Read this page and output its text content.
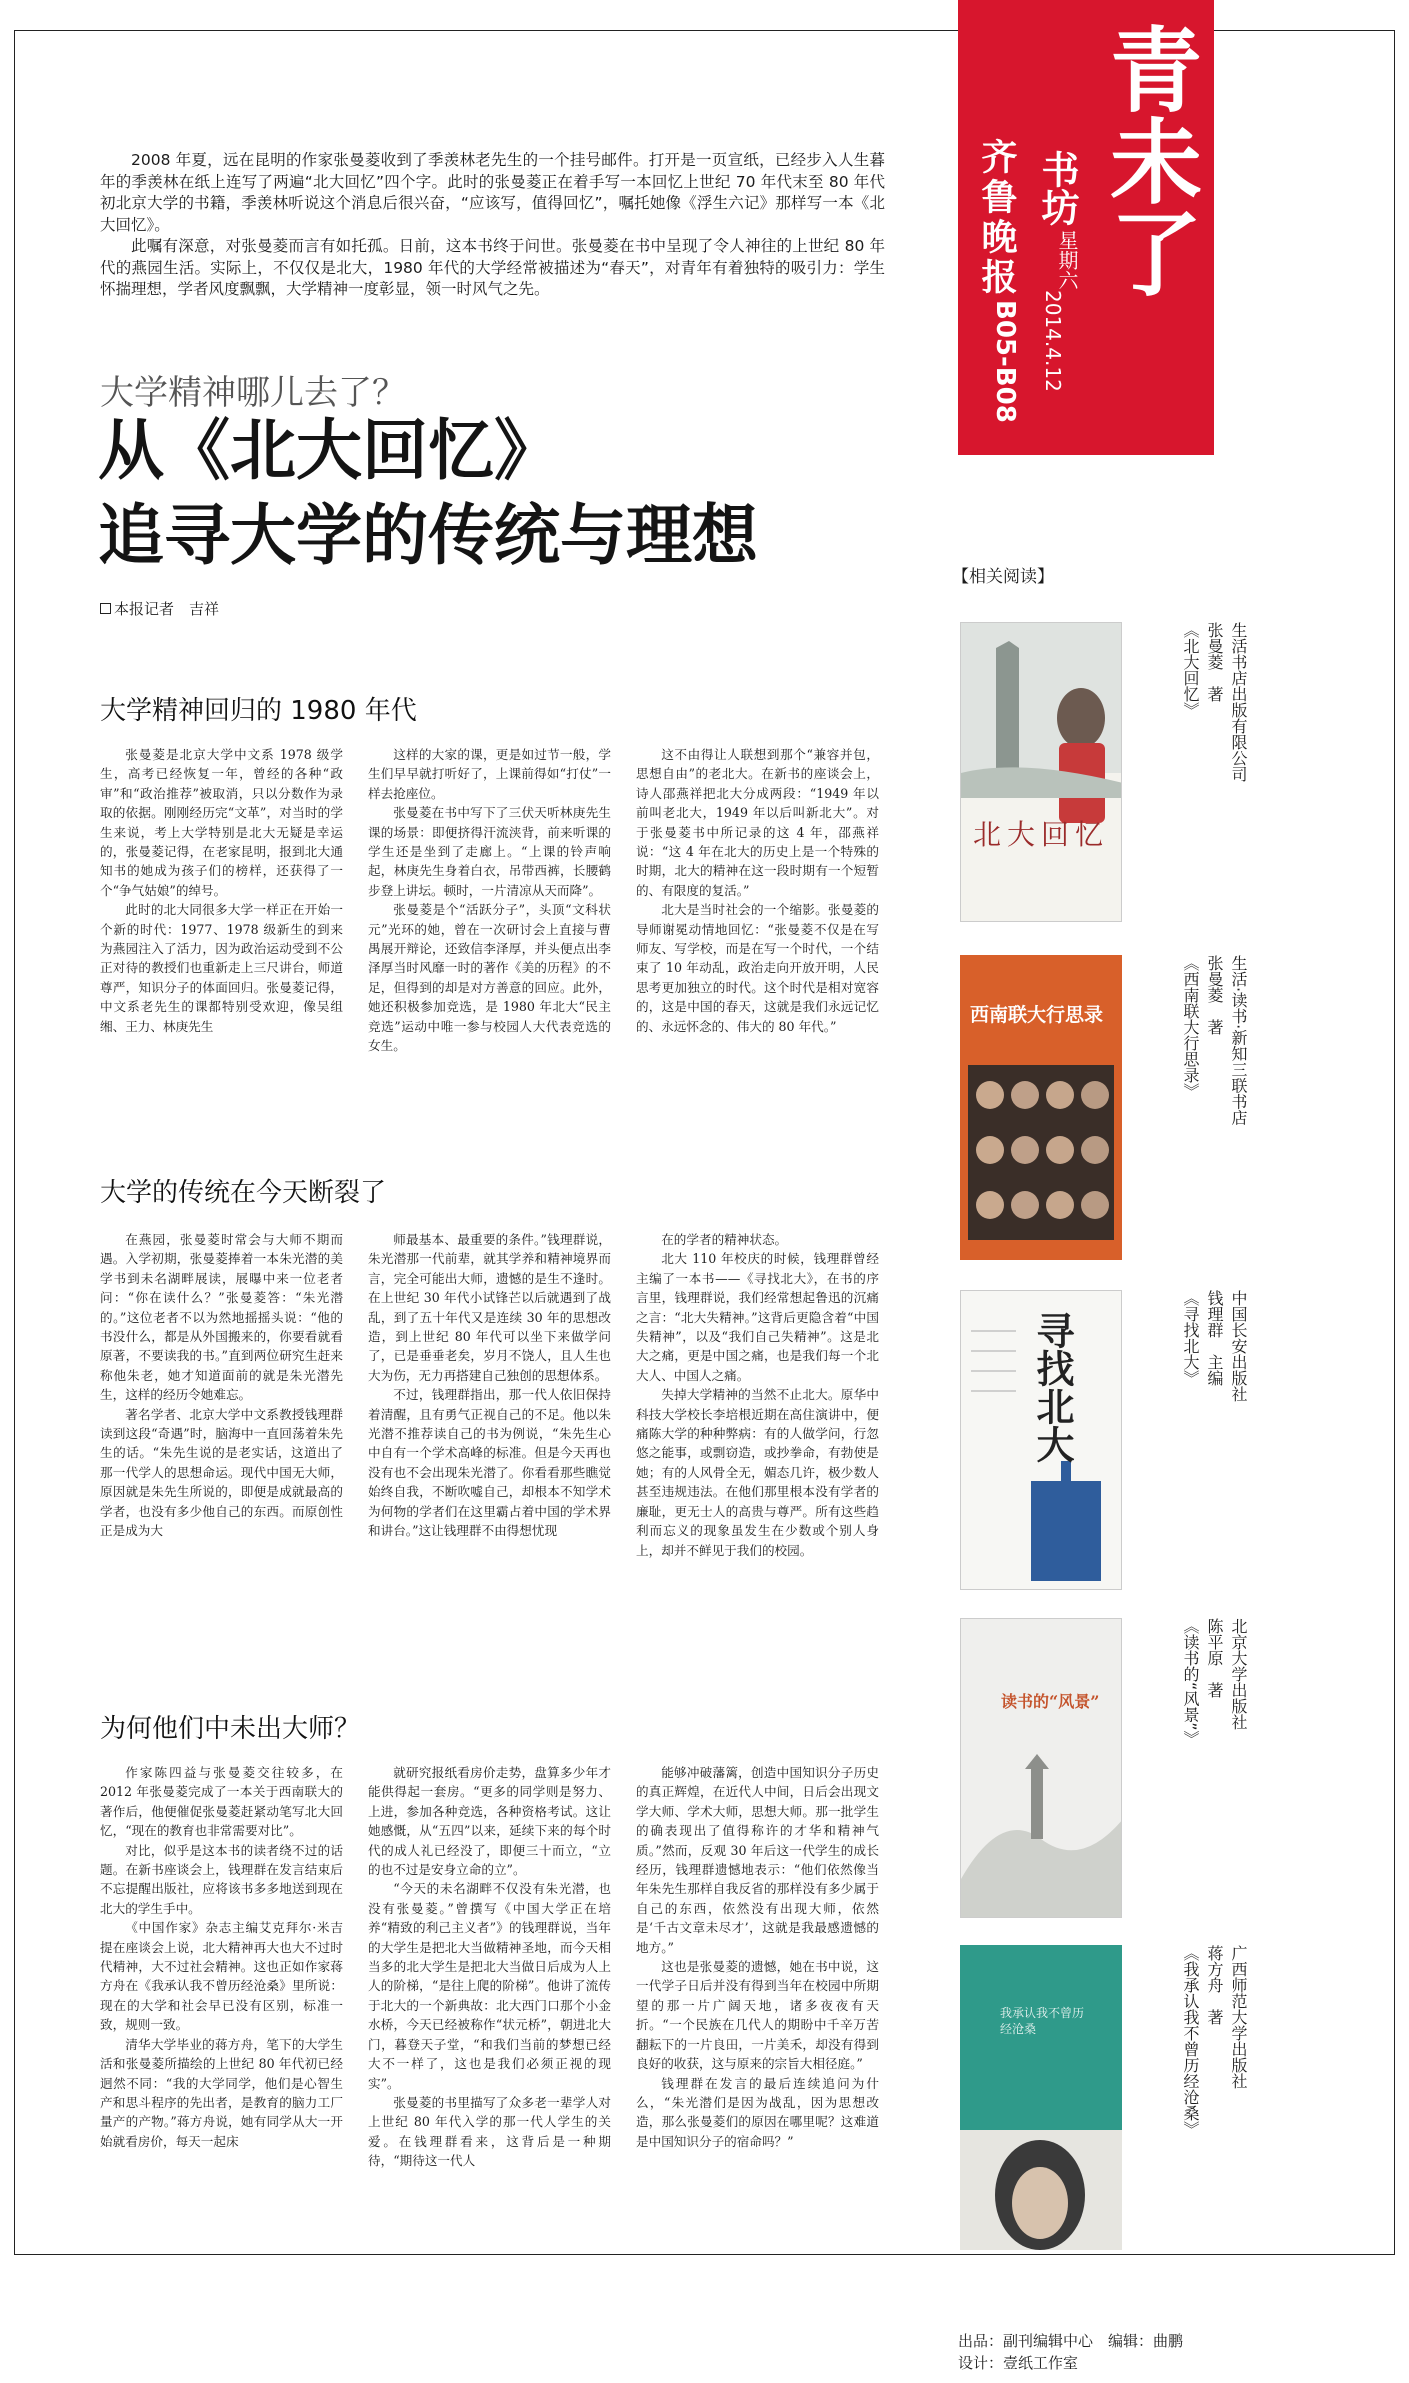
青未了
齐鲁晚报 书坊
星期六
2014.4.12
B05-B08

2008 年夏，远在昆明的作家张曼菱收到了季羡林老先生的一个挂号邮件。打开是一页宣纸，已经步入人生暮年的季羡林在纸上连写了两遍“北大回忆”四个字。此时的张曼菱正在着手写一本回忆上世纪 70 年代末至 80 年代初北京大学的书籍，季羡林听说这个消息后很兴奋，“应该写，值得回忆”，嘱托她像《浮生六记》那样写一本《北大回忆》。

此嘱有深意，对张曼菱而言有如托孤。日前，这本书终于问世。张曼菱在书中呈现了令人神往的上世纪 80 年代的燕园生活。实际上，不仅仅是北大，1980 年代的大学经常被描述为“春天”，对青年有着独特的吸引力：学生怀揣理想，学者风度飘飘，大学精神一度彰显，领一时风气之先。

大学精神哪儿去了？
从《北大回忆》
追寻大学的传统与理想
本报记者　吉祥
大学精神回归的 1980 年代

张曼菱是北京大学中文系 1978 级学生，高考已经恢复一年，曾经的各种“政审”和“政治推荐”被取消，只以分数作为录取的依据。刚刚经历完“文革”，对当时的学生来说，考上大学特别是北大无疑是幸运的，张曼菱记得，在老家昆明，报到北大通知书的她成为孩子们的榜样，还获得了一个“争气姑娘”的绰号。

此时的北大同很多大学一样正在开始一个新的时代：1977、1978 级新生的到来为燕园注入了活力，因为政治运动受到不公正对待的教授们也重新走上三尺讲台，师道尊严，知识分子的体面回归。张曼菱记得，中文系老先生的课都特别受欢迎，像吴组缃、王力、林庚先生

这样的大家的课，更是如过节一般，学生们早早就打听好了，上课前得如“打仗”一样去抢座位。

张曼菱在书中写下了三伏天听林庚先生课的场景：即便挤得汗流浃背，前来听课的学生还是坐到了走廊上。“上课的铃声响起，林庚先生身着白衣，吊带西裤，长腰鹤步登上讲坛。顿时，一片清凉从天而降”。

张曼菱是个“活跃分子”，头顶“文科状元”光环的她，曾在一次研讨会上直接与曹禺展开辩论，还致信李泽厚，并头便点出李泽厚当时风靡一时的著作《美的历程》的不足，但得到的却是对方善意的回应。此外，她还积极参加竞选，是 1980 年北大“民主竞选”运动中唯一参与校园人大代表竞选的女生。

这不由得让人联想到那个“兼容并包，思想自由”的老北大。在新书的座谈会上，诗人邵燕祥把北大分成两段：“1949 年以前叫老北大，1949 年以后叫新北大”。对于张曼菱书中所记录的这 4 年，邵燕祥说：“这 4 年在北大的历史上是一个特殊的时期，北大的精神在这一段时期有一个短暂的、有限度的复活。”

北大是当时社会的一个缩影。张曼菱的导师谢冕动情地回忆：“张曼菱不仅是在写师友、写学校，而是在写一个时代，一个结束了 10 年动乱，政治走向开放开明，人民思考更加独立的时代。这个时代是相对宽容的，这是中国的春天，这就是我们永远记忆的、永远怀念的、伟大的 80 年代。”

大学的传统在今天断裂了

在燕园，张曼菱时常会与大师不期而遇。入学初期，张曼菱捧着一本朱光潜的美学书到未名湖畔展读，展曝中来一位老者问：“你在读什么？”张曼菱答：“朱光潜的。”这位老者不以为然地摇摇头说：“他的书没什么，都是从外国搬来的，你要看就看原著，不要读我的书。”直到两位研究生赶来称他朱老，她才知道面前的就是朱光潜先生，这样的经历令她难忘。

著名学者、北京大学中文系教授钱理群读到这段“奇遇”时，脑海中一直回荡着朱先生的话。“朱先生说的是老实话，这道出了那一代学人的思想命运。现代中国无大师，原因就是朱先生所说的，即便是成就最高的学者，也没有多少他自己的东西。而原创性正是成为大

师最基本、最重要的条件。”钱理群说，朱光潜那一代前辈，就其学养和精神境界而言，完全可能出大师，遗憾的是生不逢时。在上世纪 30 年代小试锋芒以后就遇到了战乱，到了五十年代又是连续 30 年的思想改造，到上世纪 80 年代可以坐下来做学问了，已是垂垂老矣，岁月不饶人，且人生也大为伤，无力再搭建自己独创的思想体系。

不过，钱理群指出，那一代人依旧保持着清醒，且有勇气正视自己的不足。他以朱光潜不推荐读自己的书为例说，“朱先生心中自有一个学术高峰的标准。但是今天再也没有也不会出现朱光潜了。你看看那些瞧觉始终自我，不断吹嘘自己，却根本不知学术为何物的学者们在这里霸占着中国的学术界和讲台。”这让钱理群不由得想忧现

在的学者的精神状态。

北大 110 年校庆的时候，钱理群曾经主编了一本书——《寻找北大》，在书的序言里，钱理群说，我们经常想起鲁迅的沉痛之言：“北大失精神。”这背后更隐含着“中国失精神”，以及“我们自己失精神”。这是北大之痛，更是中国之痛，也是我们每一个北大人、中国人之痛。

失掉大学精神的当然不止北大。原华中科技大学校长李培根近期在高住演讲中，便痛陈大学的种种弊病：有的人做学问，行忽悠之能事，或剽窃造，或抄拳命，有勃使是她；有的人风骨全无，媚态几许，极少数人甚至违规违法。在他们那里根本没有学者的廉耻，更无士人的高贵与尊严。所有这些趋利而忘义的现象虽发生在少数或个别人身上，却并不鲜见于我们的校园。

为何他们中未出大师？

作家陈四益与张曼菱交往较多，在 2012 年张曼菱完成了一本关于西南联大的著作后，他便催促张曼菱赶紧动笔写北大回忆，“现在的教育也非常需要对比”。

对比，似乎是这本书的读者绕不过的话题。在新书座谈会上，钱理群在发言结束后不忘提醒出版社，应将该书多多地送到现在北大的学生手中。

《中国作家》杂志主编艾克拜尔·米吉提在座谈会上说，北大精神再大也大不过时代精神，大不过社会精神。这也正如作家蒋方舟在《我承认我不曾历经沧桑》里所说：现在的大学和社会早已没有区别，标准一致，规则一致。

清华大学毕业的蒋方舟，笔下的大学生活和张曼菱所描绘的上世纪 80 年代初已经迥然不同：“我的大学同学，他们是心智生产和思斗程序的先出者，是教育的脑力工厂量产的产物。”蒋方舟说，她有同学从大一开始就看房价，每天一起床

就研究报纸看房价走势，盘算多少年才能供得起一套房。“更多的同学则是努力、上进，参加各种竞选，各种资格考试。这让她感慨，从“五四”以来，延续下来的每个时代的成人礼已经没了，即便三十而立，“立的也不过是安身立命的立”。

“今天的未名湖畔不仅没有朱光潜，也没有张曼菱。”曾撰写《中国大学正在培养“精致的利己主义者”》的钱理群说，当年的大学生是把北大当做精神圣地，而今天相当多的北大学生是把北大当做日后成为人上人的阶梯，“是往上爬的阶梯”。他讲了流传于北大的一个新典故：北大西门口那个小金水桥，今天已经被称作“状元桥”，朝进北大门，暮登天子堂，“和我们当前的梦想已经大不一样了，这也是我们必须正视的现实”。

张曼菱的书里描写了众多老一辈学人对上世纪 80 年代入学的那一代人学生的关爱。在钱理群看来，这背后是一种期待，“期待这一代人

能够冲破藩篱，创造中国知识分子历史的真正辉煌，在近代人中间，日后会出现文学大师、学术大师，思想大师。那一批学生的确表现出了值得称许的才华和精神气质。”然而，反观 30 年后这一代学生的成长经历，钱理群遗憾地表示：“他们依然像当年朱先生那样自我反省的那样没有多少属于自己的东西，依然没有出现大师，依然是‘千古文章未尽才’，这就是我最感遗憾的地方。”

这也是张曼菱的遗憾，她在书中说，这一代学子日后并没有得到当年在校园中所期望的那一片广阔天地，诸多夜夜有天折。“一个民族在几代人的期盼中千辛万苦翻耘下的一片良田，一片美禾，却没有得到良好的收获，这与原来的宗旨大相径庭。”

钱理群在发言的最后连续追问为什么，“朱光潜们是因为战乱，因为思想改造，那么张曼菱们的原因在哪里呢？这难道是中国知识分子的宿命吗？”

【相关阅读】
北大回忆
生活书店出版有限公司
张曼菱　著
《北大回忆》
西南联大行思录	生活·读书·新知三联书店
张曼菱　著
《西南联大行思录》
寻找北大	中国长安出版社
钱理群　主编
《寻找北大》
读书的“风景”	北京大学出版社
陈平原　著
《读书的“风景”》
我承认我不曾历经沧桑	广西师范大学出版社
蒋方舟　著
《我承认我不曾历经沧桑》
出品：副刊编辑中心　编辑：曲鹏
设计：壹纸工作室
